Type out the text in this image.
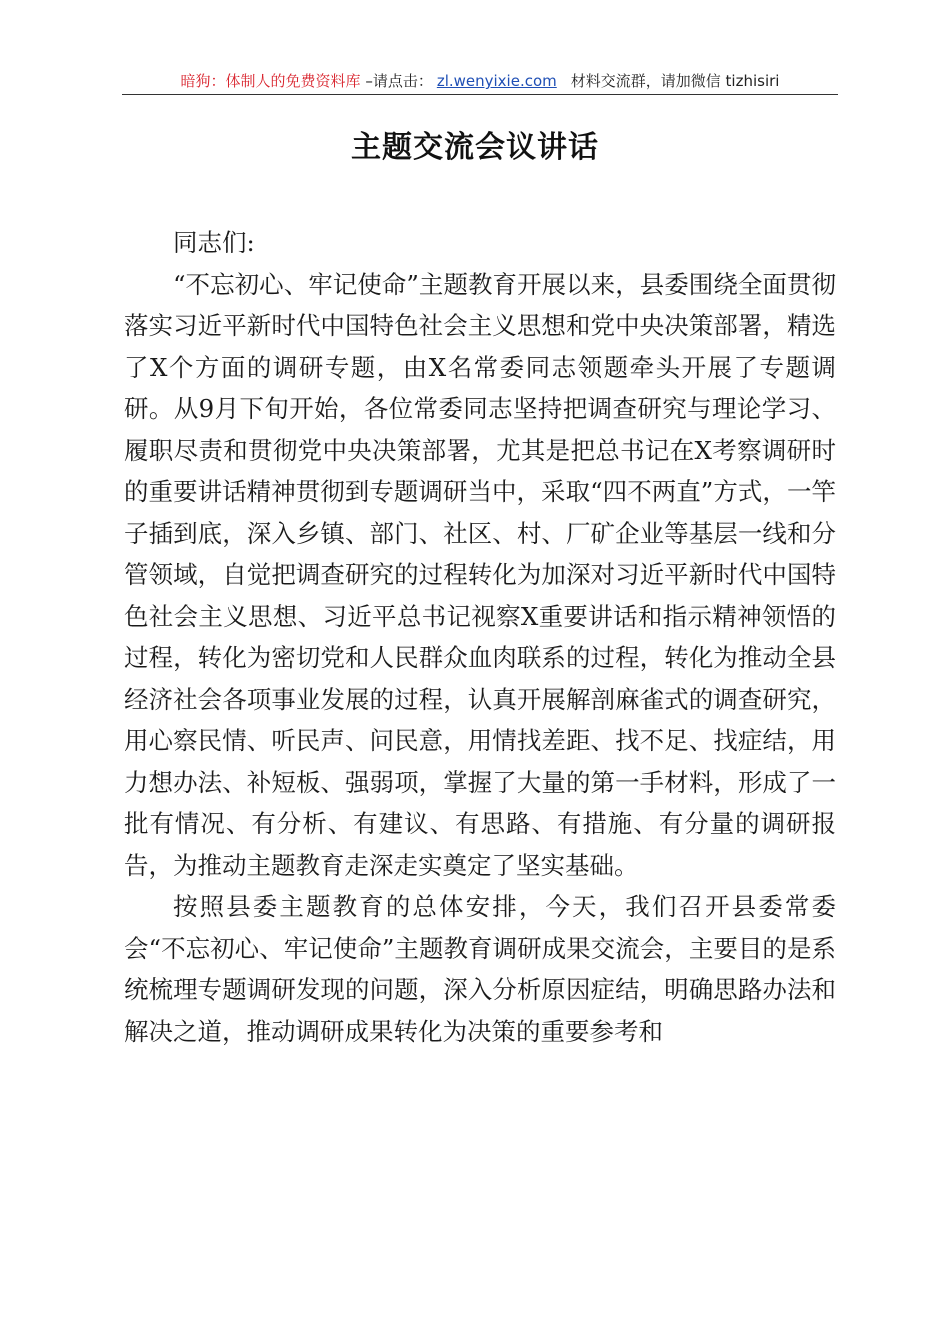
暗狗：体制人的免费资料库 –请点击： zl.wenyixie.com 材料交流群，请加微信 tizhisiri
主题交流会议讲话

同志们:

“不忘初心、牢记使命”主题教育开展以来，县委围绕全面贯彻落实习近平新时代中国特色社会主义思想和党中央决策部署，精选了X个方面的调研专题，由X名常委同志领题牵头开展了专题调研。从9月下旬开始，各位常委同志坚持把调查研究与理论学习、履职尽责和贯彻党中央决策部署，尤其是把总书记在X考察调研时的重要讲话精神贯彻到专题调研当中，采取“四不两直”方式，一竿子插到底，深入乡镇、部门、社区、村、厂矿企业等基层一线和分管领域，自觉把调查研究的过程转化为加深对习近平新时代中国特色社会主义思想、习近平总书记视察X重要讲话和指示精神领悟的过程，转化为密切党和人民群众血肉联系的过程，转化为推动全县经济社会各项事业发展的过程，认真开展解剖麻雀式的调查研究，用心察民情、听民声、问民意，用情找差距、找不足、找症结，用力想办法、补短板、强弱项，掌握了大量的第一手材料，形成了一批有情况、有分析、有建议、有思路、有措施、有分量的调研报告，为推动主题教育走深走实奠定了坚实基础。

按照县委主题教育的总体安排，今天，我们召开县委常委会“不忘初心、牢记使命”主题教育调研成果交流会，主要目的是系统梳理专题调研发现的问题，深入分析原因症结，明确思路办法和解决之道，推动调研成果转化为决策的重要参考和
